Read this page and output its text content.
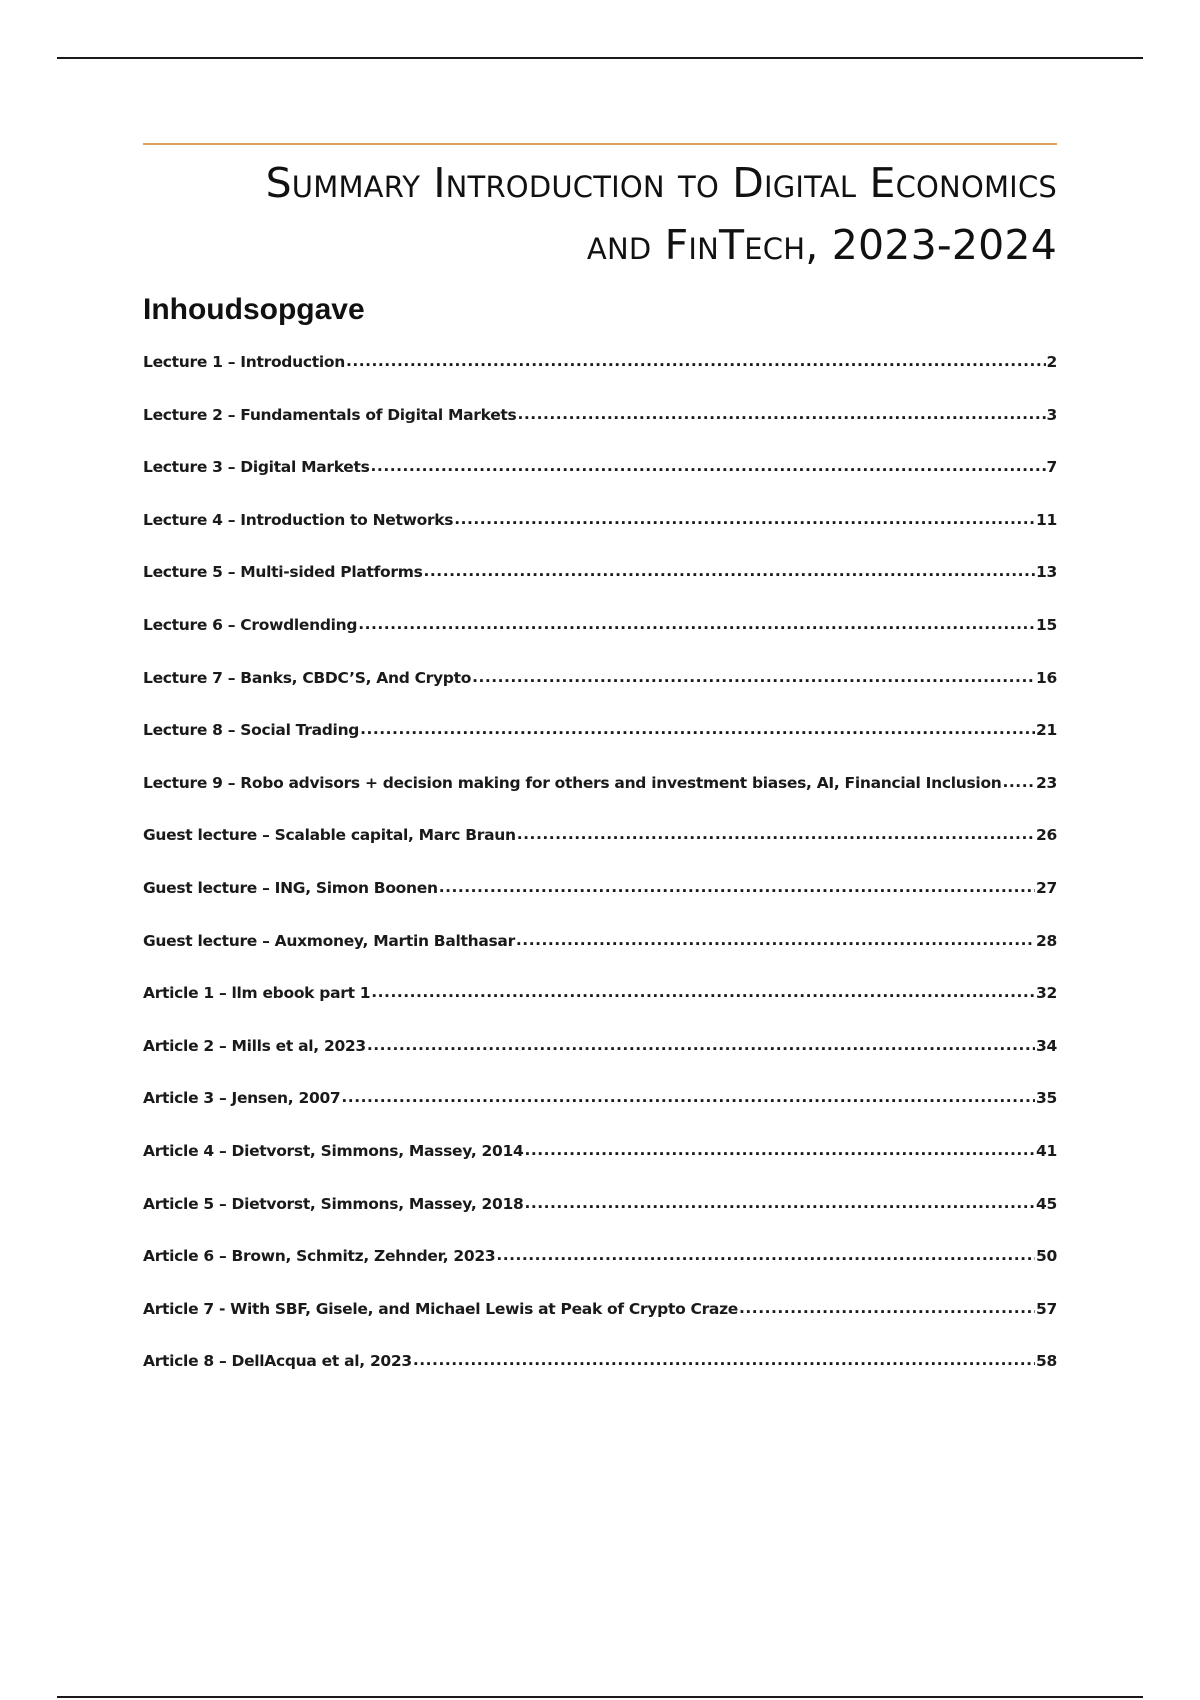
Summary Introduction to Digital Economics
and FinTech, 2023-2024
Inhoudsopgave
Lecture 1 – Introduction .....	2
Lecture 2 – Fundamentals of Digital Markets .....	3
Lecture 3 – Digital Markets .....	7
Lecture 4 – Introduction to Networks .....	11
Lecture 5 – Multi-sided Platforms .....	13
Lecture 6 – Crowdlending .....	15
Lecture 7 – Banks, CBDC’S, And Crypto .....	16
Lecture 8 – Social Trading .....	21
Lecture 9 – Robo advisors + decision making for others and investment biases, AI, Financial Inclusion ..... 23
Guest lecture – Scalable capital, Marc Braun .....	26
Guest lecture – ING, Simon Boonen .....	27
Guest lecture – Auxmoney, Martin Balthasar .....	28
Article 1 – llm ebook part 1 .....	32
Article 2 – Mills et al, 2023 .....	34
Article 3 – Jensen, 2007 .....	35
Article 4 – Dietvorst, Simmons, Massey, 2014 .....	41
Article 5 – Dietvorst, Simmons, Massey, 2018 .....	45
Article 6 – Brown, Schmitz, Zehnder, 2023 .....	50
Article 7 - With SBF, Gisele, and Michael Lewis at Peak of Crypto Craze .....	57
Article 8 – DellAcqua et al, 2023 .....	58
